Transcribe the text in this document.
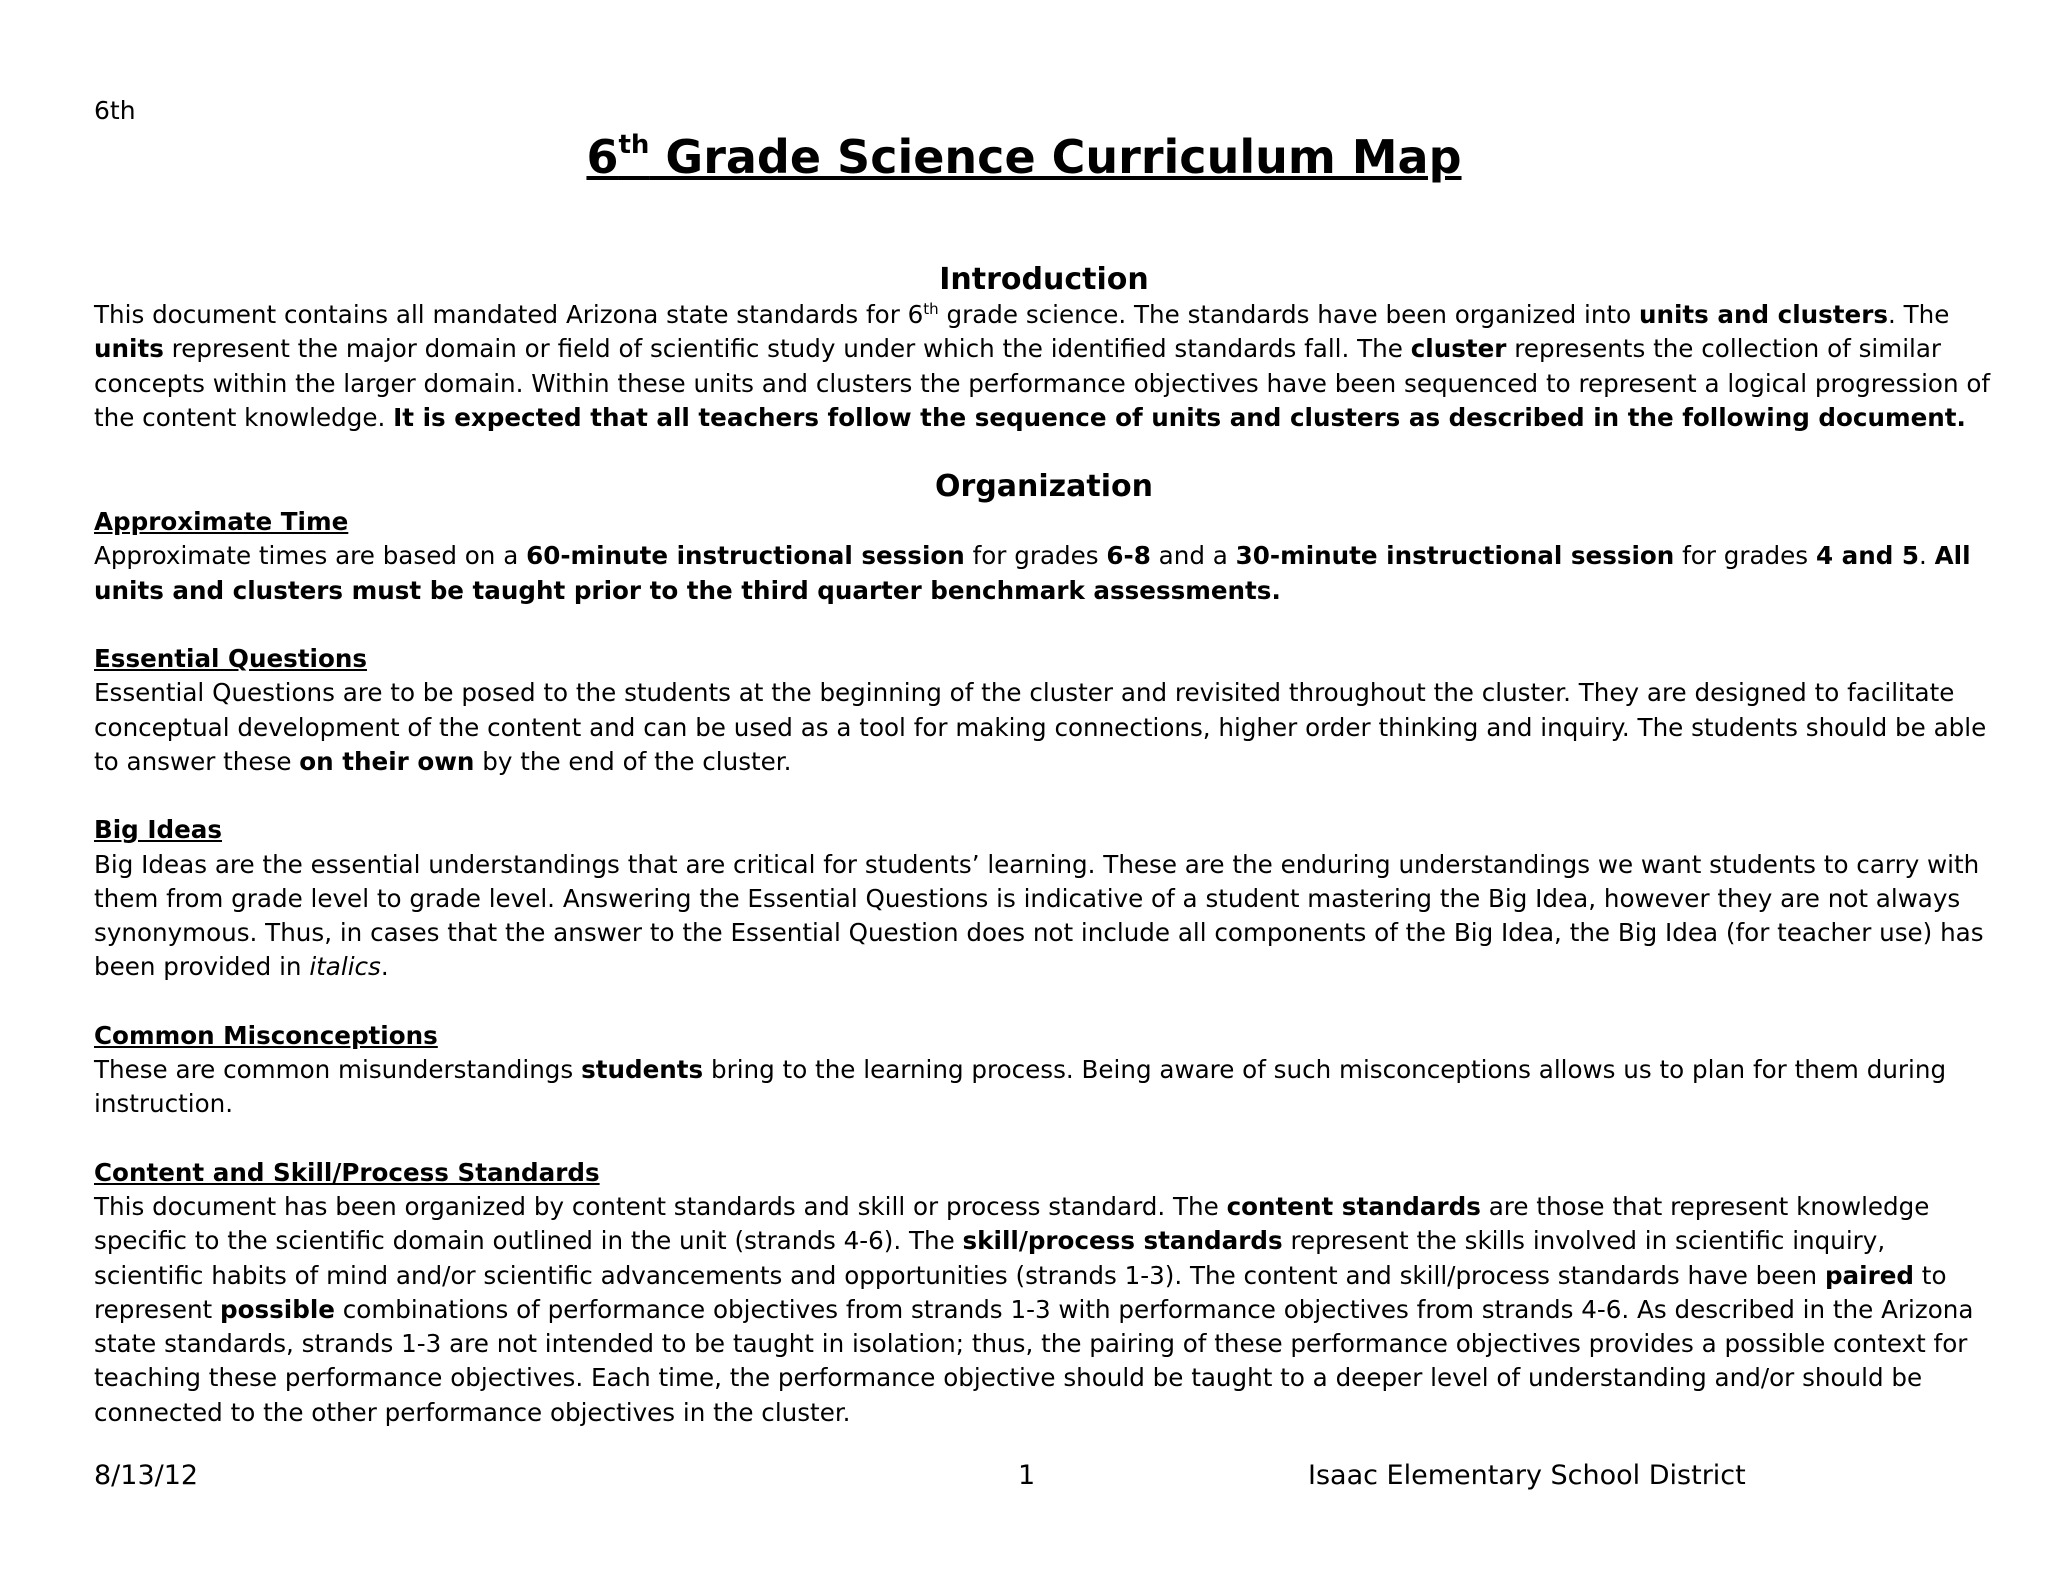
6th
6th Grade Science Curriculum Map
Introduction

This document contains all mandated Arizona state standards for 6th grade science. The standards have been organized into units and clusters. The units represent the major domain or field of scientific study under which the identified standards fall. The cluster represents the collection of similar concepts within the larger domain. Within these units and clusters the performance objectives have been sequenced to represent a logical progression of the content knowledge. It is expected that all teachers follow the sequence of units and clusters as described in the following document.

Organization

Approximate Time

Approximate times are based on a 60-minute instructional session for grades 6-8 and a 30-minute instructional session for grades 4 and 5. All units and clusters must be taught prior to the third quarter benchmark assessments.

Essential Questions

Essential Questions are to be posed to the students at the beginning of the cluster and revisited throughout the cluster. They are designed to facilitate conceptual development of the content and can be used as a tool for making connections, higher order thinking and inquiry. The students should be able to answer these on their own by the end of the cluster.

Big Ideas

Big Ideas are the essential understandings that are critical for students’ learning. These are the enduring understandings we want students to carry with them from grade level to grade level. Answering the Essential Questions is indicative of a student mastering the Big Idea, however they are not always synonymous. Thus, in cases that the answer to the Essential Question does not include all components of the Big Idea, the Big Idea (for teacher use) has been provided in italics.

Common Misconceptions

These are common misunderstandings students bring to the learning process. Being aware of such misconceptions allows us to plan for them during instruction.

Content and Skill/Process Standards

This document has been organized by content standards and skill or process standard. The content standards are those that represent knowledge specific to the scientific domain outlined in the unit (strands 4-6). The skill/process standards represent the skills involved in scientific inquiry, scientific habits of mind and/or scientific advancements and opportunities (strands 1-3). The content and skill/process standards have been paired to represent possible combinations of performance objectives from strands 1-3 with performance objectives from strands 4-6. As described in the Arizona state standards, strands 1-3 are not intended to be taught in isolation; thus, the pairing of these performance objectives provides a possible context for teaching these performance objectives. Each time, the performance objective should be taught to a deeper level of understanding and/or should be connected to the other performance objectives in the cluster.

8/13/12	1	Isaac Elementary School District
